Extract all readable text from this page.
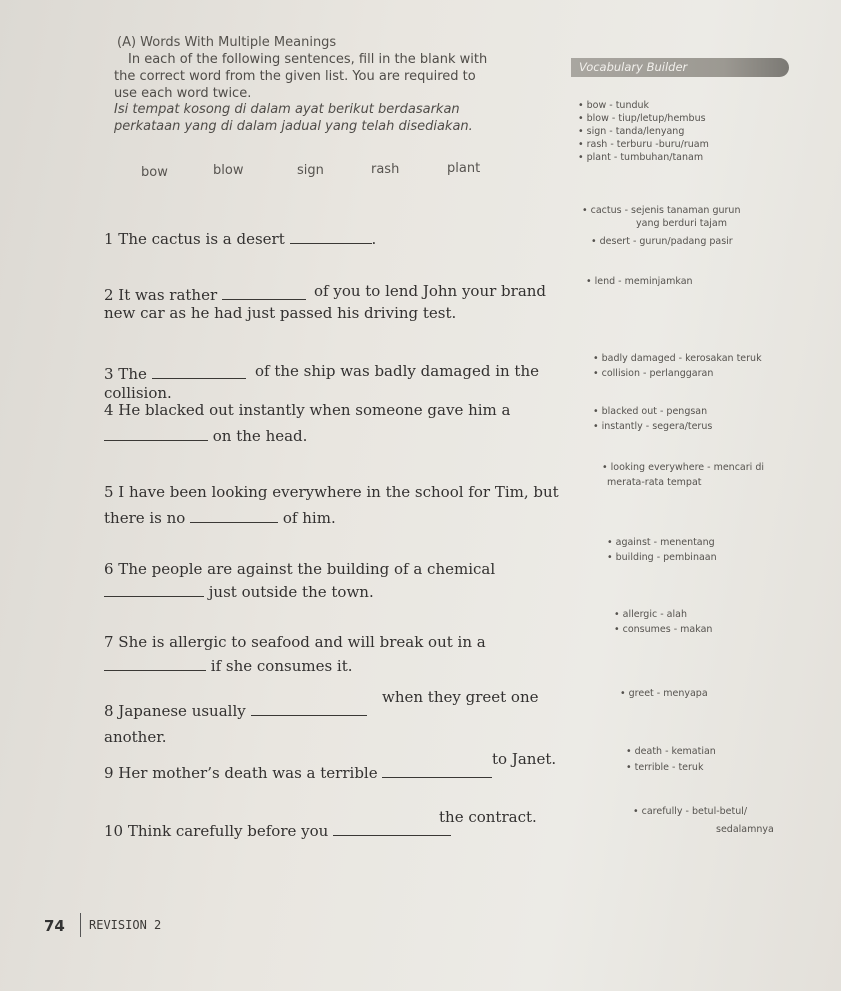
(A) Words With Multiple Meanings
In each of the following sentences, fill in the blank with
the correct word from the given list. You are required to
use each word twice.
Isi tempat kosong di dalam ayat berikut berdasarkan
perkataan yang di dalam jadual yang telah disediakan.
bow	blow	sign	rash	plant
Vocabulary Builder
• bow - tunduk
• blow - tiup/letup/hembus
• sign - tanda/lenyang
• rash - terburu -buru/ruam
• plant - tumbuhan/tanam
• cactus - sejenis tanaman gurun
yang berduri tajam
• desert - gurun/padang pasir
• lend - meminjamkan
• badly damaged - kerosakan teruk
• collision - perlanggaran
• blacked out - pengsan
• instantly - segera/terus
• looking everywhere - mencari di
merata-rata tempat
• against - menentang
• building - pembinaan
• allergic - alah
• consumes - makan
• greet - menyapa
• death - kematian
• terrible - teruk
• carefully - betul-betul/
sedalamnya
1 The cactus is a desert	.
2 It was rather	of you to lend John your brand
new car as he had just passed his driving test.
3 The	of the ship was badly damaged in the
collision.
4 He blacked out instantly when someone gave him a
on the head.
5 I have been looking everywhere in the school for Tim, but
there is no	of him.
6 The people are against the building of a chemical
just outside the town.
7 She is allergic to seafood and will break out in a
if she consumes it.
8 Japanese usually
when they greet one
another.
9 Her mother’s death was a terrible
to Janet.
10 Think carefully before you
the contract.
74 REVISION 2
